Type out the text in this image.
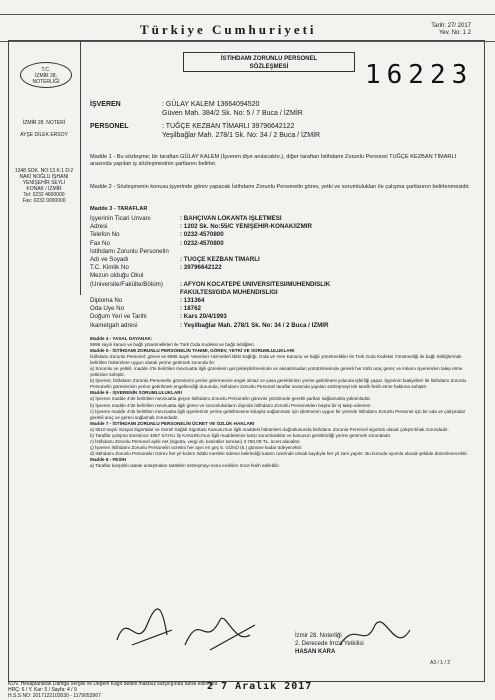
Türkiye Cumhuriyeti	Tarih: 27/ 2017
Yev. No: 1 2
T.C.
İZMİR 28.
NOTERLİĞİ
İZMİR 28. NOTERİ
AYŞE DİLEK ERSOY
1348 SOK. NO:13 K:1 D:2
NAKİ NOĞLU İŞHANI
YENİŞEHİR SEYLİ
KONAK / İZMİR
Tel: 0232 4600000
Fax: 0232 0000000
İSTİHDAMI ZORUNLU PERSONEL
SÖZLEŞMESİ	16223
İŞVEREN	: GÜLAY KALEM 13664094520
Güven Mah. 384/2 Sk. No: 5 / 7 Buca / İZMİR
PERSONEL	: TUĞÇE KEZBAN TİMARLI 39796642122
Yeşilbağlar Mah. 278/1 Sk. No: 34 / 2 Buca / İZMİR
Madde 1 - Bu sözleşme; bir taraftan GÜLAY KALEM (İşveren diye anılacaktır.), diğer taraftan İstihdamı Zorunlu Personel TUĞÇE KEZBAN TİMARLI arasında yapılan iş sözleşmesinin şartlarını belirler.
Madde 2 - Sözleşmenin konusu;işyerinde görev yapacak İstihdamı Zorunlu Personelin görev, yetki ve sorumlulukları ile çalışma şartlarının belirlenmesidir.
Madde 3 - TARAFLAR
İşyerinin Ticari Unvanı	: BAHÇIVAN LOKANTA İŞLETMESİ
Adresi	: 1202 Sk. No:55/C YENİŞEHİR-KONAK/İZMİR
Telefon No	: 0232-4570800
Fax No	: 0232-4570800
İstihdamı Zorunlu Personelin
Adı ve Soyadı	: TUĞÇE KEZBAN TİMARLI
T.C. Kimlik No	: 39796642122
Mezun olduğu Okul
(Üniversite/Fakülte/Bölüm)	: AFYON KOCATEPE ÜNİVERSİTESİ/MÜHENDİSLİK
FAKÜLTESİ/GIDA MÜHENDİSLİĞİ
Diploma No	: 131364
Oda Üye No	: 18762
Doğum Yeri ve Tarihi	: Kars 20/4/1993
İkametgah adresi	: Yeşilbağlar Mah. 278/1 Sk. No: 34 / 2 Buca / İZMİR

Madde 4 - YASAL DAYANAK:

5996 sayılı kanun ve bağlı yönetmelikleri ile Türk Gıda Kodeksi ve bağlı tebliğleri.

Madde 5 - İSTİHDAMI ZORUNLU PERSONELİN TANIMI, GÖREV, YETKİ VE SORUMLULUKLARI

İstihdamı Zorunlu Personel; görevi ve 5996 sayılı Veteriner Hizmetleri Bitki Sağlığı, Gıda ve Yem Kanunu ve bağlı yönetmelikler ile Türk Gıda Kodeksi Yönetmeliği ile bağlı tebliğlerinde belirtilen hükümlere uygun olarak yerine getirmek zorunda ile;

a) Sorumlu ve yetkili, madde 4'te belirtilen mevzuatta ilgili görevlerin gerçekleştirilmesinde ve aksatılmadan yürütülmesinde gerekli her türlü araç gereç ve imkanı işverenden talep etme yetkisine sahiptir.

b) İşveren; İstihdamı Zorunlu Personelin görevlerini yerine getirmesine engel olmaz ve yasa gereklerinin yerine getirilmesi yolunda işbirliği yapar. İşyerinin faaliyetleri ile İstihdamı Zorunlu Personelin görevlerinin yerine getirilmesi engellendiği durumda, İstihdamı Zorunlu Personel taraflar arasında yapılan sözleşmeyi tek taraflı fesih etme hakkına sahiptir.

Madde 6 - İŞVERENİN SORUMLULUKLARI

a) İşveren madde 4'de belirtilen mevzuatta geçen İstihdamı Zorunlu Personelin görevini yürütmede gerekli şartları sağlamakla yükümlüdür.

b) İşveren madde 4'de belirtilen mevzuatta ilgili görev ve sorumlulukların dışında İstihdamı Zorunlu Personelden başka bir iş talep edemez.

c) İşveren madde 4'de belirtilen mevzuatta ilgili işyerlerinin yerine getirilmesine kolaylık sağlanması için işletmenin uygun bir yerinde İstihdamı Zorunlu Personel için bir oda ve çalışmalar gerekli araç ve gereci sağlamak zorundadır.

Madde 7 - İSTİHDAMI ZORUNLU PERSONELİN ÜCRET VE ÖZLÜK HAKLARI

a) 5510 sayılı Sosyal Sigortalar ve Genel Sağlık Sigortası Kanunu'nun ilgili maddesi hükümleri doğrultusunda İstihdamı Zorunlu Personel sigortalı olarak çalıştırılmak zorundadır.

b) Taraflar çalışma süresince 4857 SAYILI İŞ KANUNU'nun ilgili maddelerine karşı sorumluluklar ve kanunun gerektirdiği yerine getirmek zorundadır.

c) İstihdamı Zorunlu Personel aylık net (sigorta, vergi vb. kesintiler sonrası) 3.750,00-TL. ücret alacaktır.

ç) İşveren İstihdamı Zorunlu Personelin ücretini her ayın en geç 5. GÜNÜ (5.) gününe kadar ödeyecektir.

d) İstihdamı Zorunlu Personelin Görev her yıl kıdem ödülü mesleki ödeme belirlediği tutarın üzerinde olmak kaydıyla her yıl zam yapılır. Bu konuda uyumla olacak şekilde düzenlenecektir.

Madde 8 - FESİH

a) Taraflar karşılıklı olarak anlaşmaları taksitleri sözleşmeyi sona erdirilen önce fesih edilebilir.

İzmir 28. Noterliği
2. Derecede İmza Yetkilisi
HASAN KARA
A3 / 1 / 2
KDV. Hesaplanarak Damga Vergisi ve Değerli Kağıt bedeli makbuz karşılığında tahsil edilmiştir.
HRÇ: 6 / Y. Kar: 5 / Sayfa: 4 / 9
H.S.S NO: 2017122103030 - 1179053967
2 7 Aralık 2017
